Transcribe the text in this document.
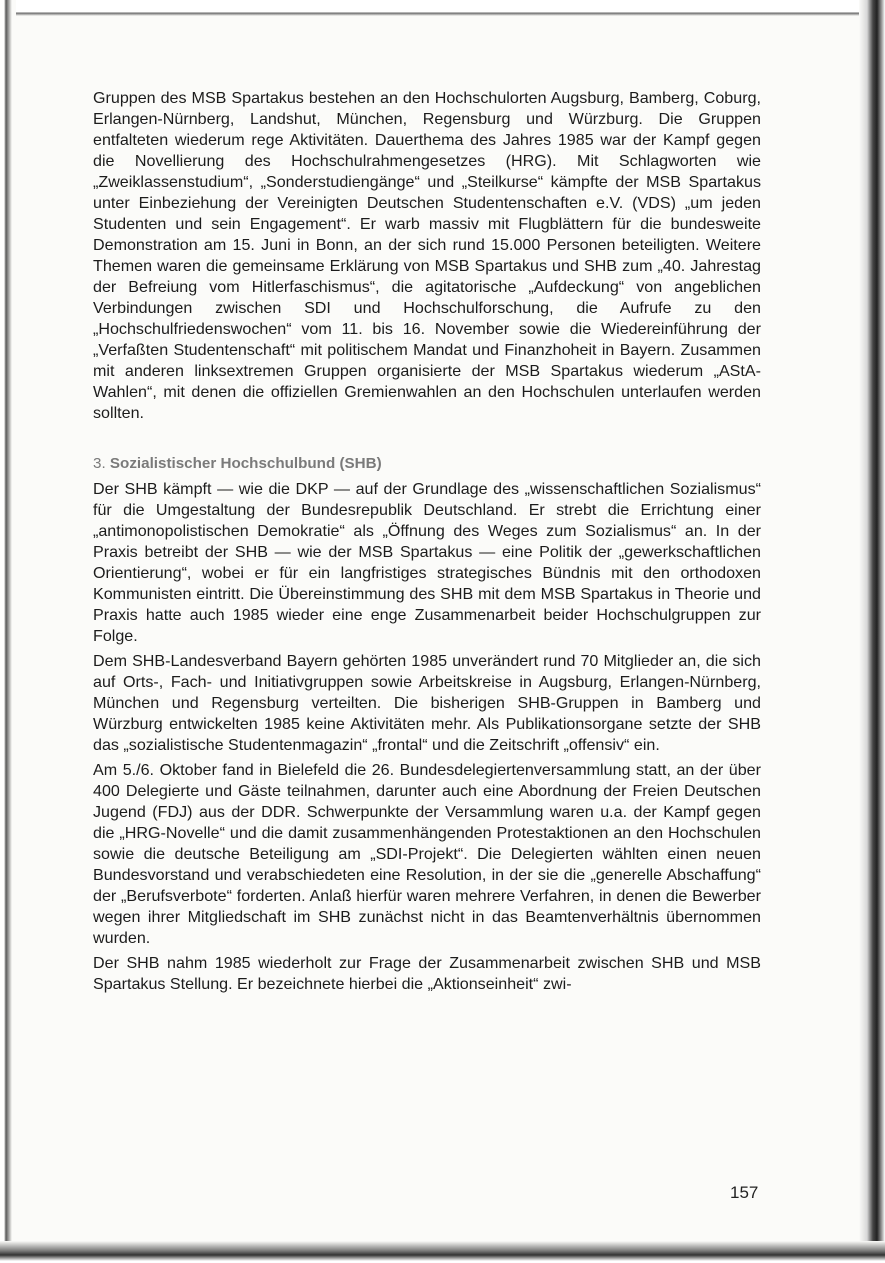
Gruppen des MSB Spartakus bestehen an den Hochschulorten Augsburg, Bamberg, Coburg, Erlangen-Nürnberg, Landshut, München, Regensburg und Würzburg. Die Gruppen entfalteten wiederum rege Aktivitäten. Dauerthema des Jahres 1985 war der Kampf gegen die Novellierung des Hochschulrahmengesetzes (HRG). Mit Schlagworten wie „Zweiklassenstudium“, „Sonderstudiengänge“ und „Steilkurse“ kämpfte der MSB Spartakus unter Einbeziehung der Vereinigten Deutschen Studentenschaften e.V. (VDS) „um jeden Studenten und sein Engagement“. Er warb massiv mit Flugblättern für die bundesweite Demonstration am 15. Juni in Bonn, an der sich rund 15.000 Personen beteiligten. Weitere Themen waren die gemeinsame Erklärung von MSB Spartakus und SHB zum „40. Jahrestag der Befreiung vom Hitlerfaschismus“, die agitatorische „Aufdeckung“ von angeblichen Verbindungen zwischen SDI und Hochschulforschung, die Aufrufe zu den „Hochschulfriedenswochen“ vom 11. bis 16. November sowie die Wiedereinführung der „Verfaßten Studentenschaft“ mit politischem Mandat und Finanzhoheit in Bayern. Zusammen mit anderen linksextremen Gruppen organisierte der MSB Spartakus wiederum „AStA-Wahlen“, mit denen die offiziellen Gremienwahlen an den Hochschulen unterlaufen werden sollten.

3. Sozialistischer Hochschulbund (SHB)

Der SHB kämpft — wie die DKP — auf der Grundlage des „wissenschaftlichen Sozialismus“ für die Umgestaltung der Bundesrepublik Deutschland. Er strebt die Errichtung einer „antimonopolistischen Demokratie“ als „Öffnung des Weges zum Sozialismus“ an. In der Praxis betreibt der SHB — wie der MSB Spartakus — eine Politik der „gewerkschaftlichen Orientierung“, wobei er für ein langfristiges strategisches Bündnis mit den orthodoxen Kommunisten eintritt. Die Übereinstimmung des SHB mit dem MSB Spartakus in Theorie und Praxis hatte auch 1985 wieder eine enge Zusammenarbeit beider Hochschulgruppen zur Folge.

Dem SHB-Landesverband Bayern gehörten 1985 unverändert rund 70 Mitglieder an, die sich auf Orts-, Fach- und Initiativgruppen sowie Arbeitskreise in Augsburg, Erlangen-Nürnberg, München und Regensburg verteilten. Die bisherigen SHB-Gruppen in Bamberg und Würzburg entwickelten 1985 keine Aktivitäten mehr. Als Publikationsorgane setzte der SHB das „sozialistische Studentenmagazin“ „frontal“ und die Zeitschrift „offensiv“ ein.

Am 5./6. Oktober fand in Bielefeld die 26. Bundesdelegiertenversammlung statt, an der über 400 Delegierte und Gäste teilnahmen, darunter auch eine Abordnung der Freien Deutschen Jugend (FDJ) aus der DDR. Schwerpunkte der Versammlung waren u.a. der Kampf gegen die „HRG-Novelle“ und die damit zusammenhängenden Protestaktionen an den Hochschulen sowie die deutsche Beteiligung am „SDI-Projekt“. Die Delegierten wählten einen neuen Bundesvorstand und verabschiedeten eine Resolution, in der sie die „generelle Abschaffung“ der „Berufsverbote“ forderten. Anlaß hierfür waren mehrere Verfahren, in denen die Bewerber wegen ihrer Mitgliedschaft im SHB zunächst nicht in das Beamtenverhältnis übernommen wurden.

Der SHB nahm 1985 wiederholt zur Frage der Zusammenarbeit zwischen SHB und MSB Spartakus Stellung. Er bezeichnete hierbei die „Aktionseinheit“ zwi-

157
